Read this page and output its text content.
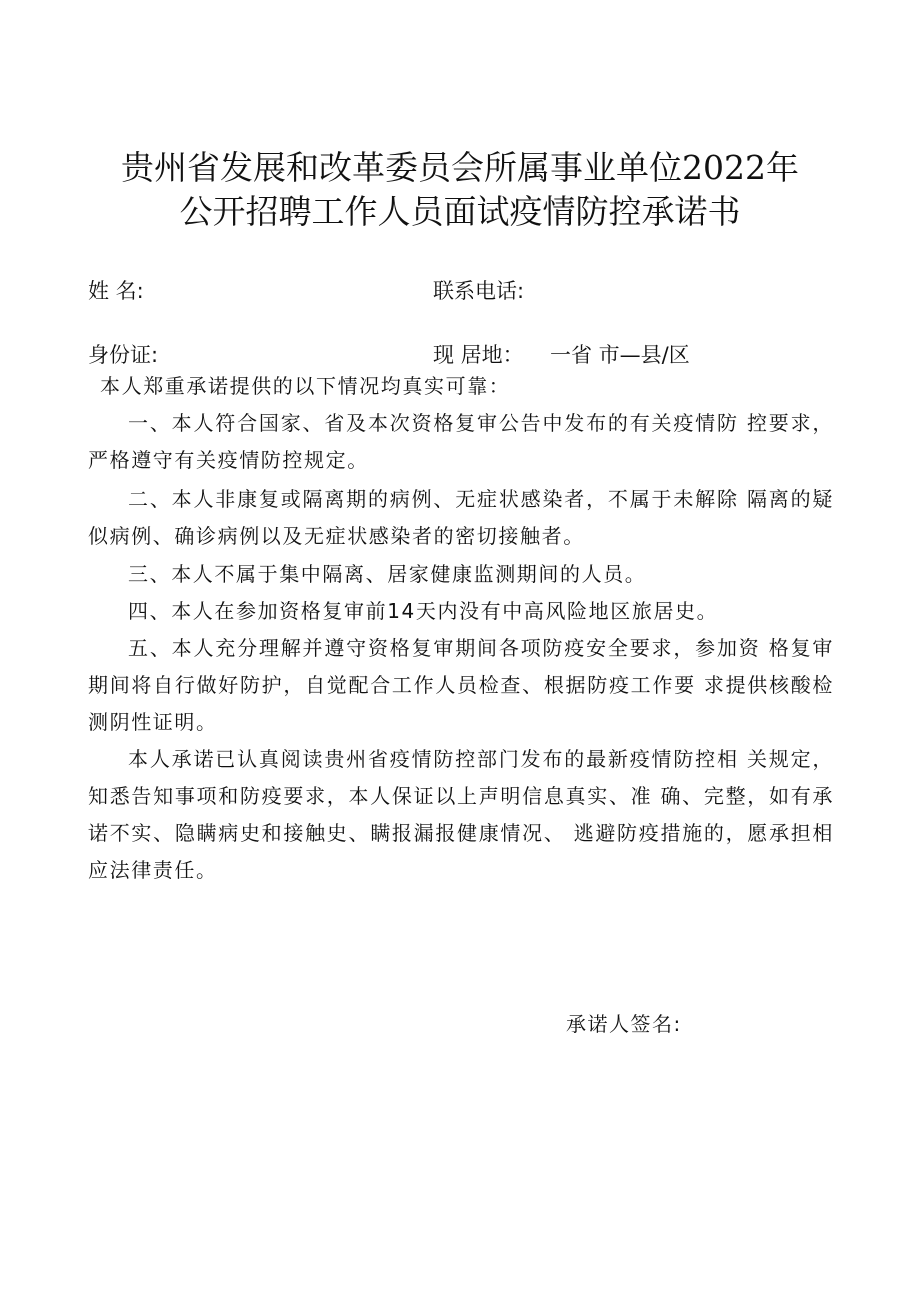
贵州省发展和改革委员会所属事业单位2022年
公开招聘工作人员面试疫情防控承诺书
姓 名:	联系电话:
身份证:	现 居地： 一省 市—县/区
本人郑重承诺提供的以下情况均真实可靠：
一、本人符合国家、省及本次资格复审公告中发布的有关疫情防 控要求，严格遵守有关疫情防控规定。
二、本人非康复或隔离期的病例、无症状感染者，不属于未解除 隔离的疑似病例、确诊病例以及无症状感染者的密切接触者。
三、本人不属于集中隔离、居家健康监测期间的人员。
四、本人在参加资格复审前14天内没有中高风险地区旅居史。
五、本人充分理解并遵守资格复审期间各项防疫安全要求，参加资 格复审期间将自行做好防护，自觉配合工作人员检查、根据防疫工作要 求提供核酸检测阴性证明。
本人承诺已认真阅读贵州省疫情防控部门发布的最新疫情防控相 关规定，知悉告知事项和防疫要求，本人保证以上声明信息真实、准 确、完整，如有承诺不实、隐瞒病史和接触史、瞒报漏报健康情况、 逃避防疫措施的，愿承担相应法律责任。
承诺人签名:
